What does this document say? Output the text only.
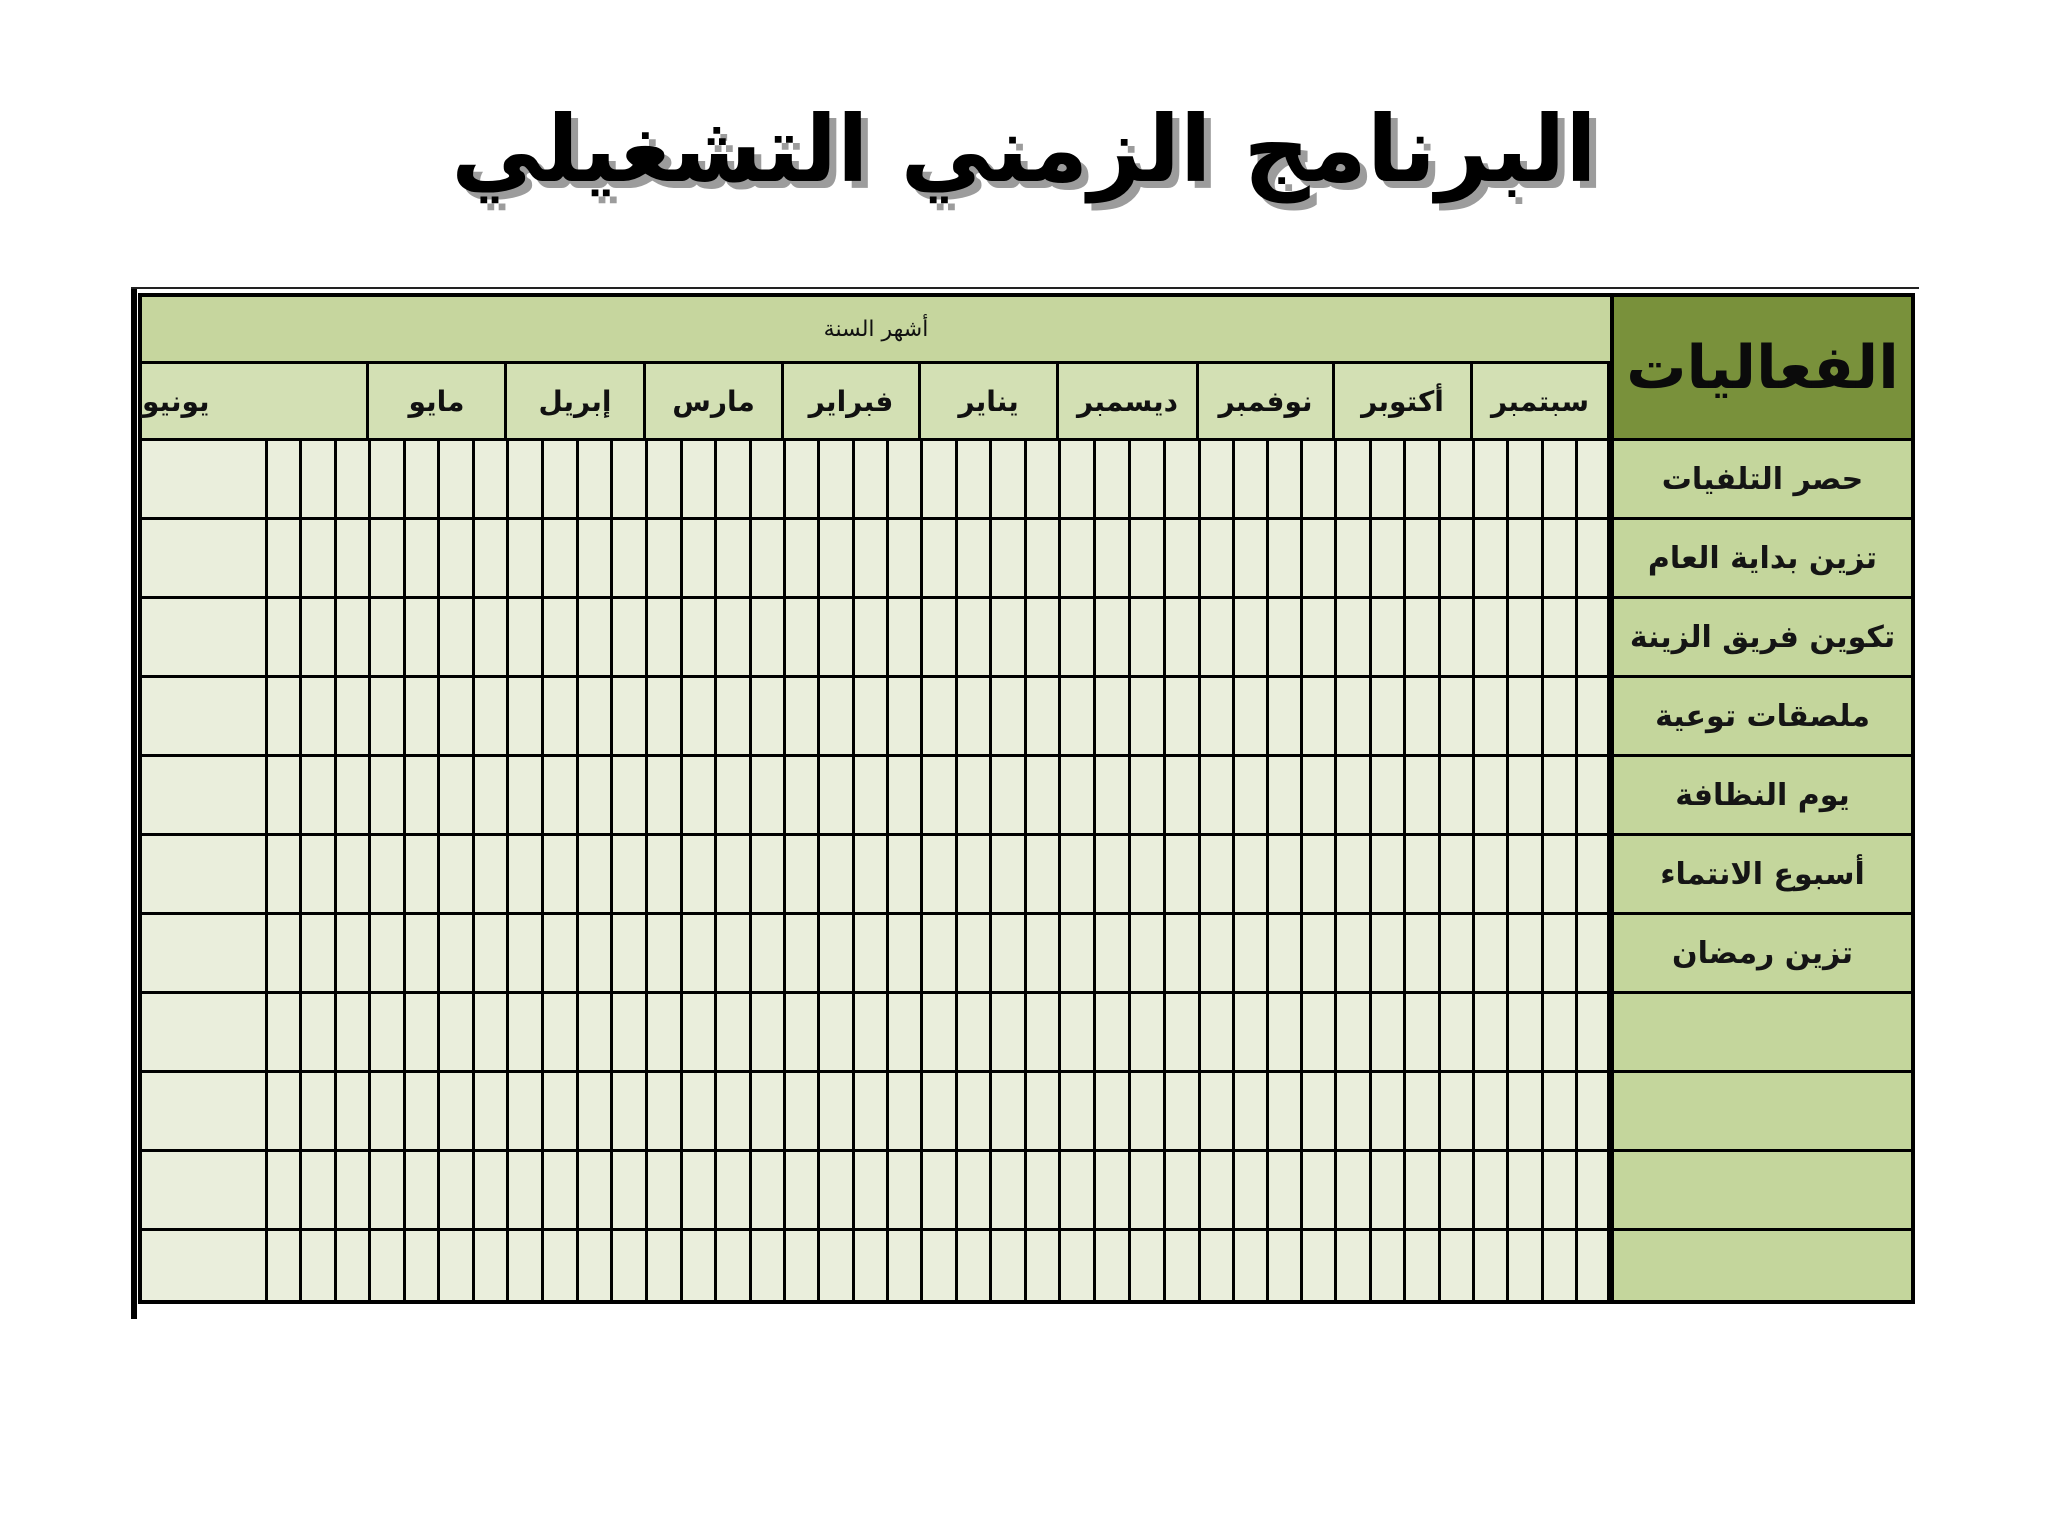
البرنامج الزمني التشغيلي
أشهر السنة
الفعاليات
سبتمبر
أكتوبر
نوفمبر
ديسمبر
يناير
فبراير
مارس
إبريل
مايو
يونيو
حصر التلفيات
تزين بداية العام
تكوين فريق الزينة
ملصقات توعية
يوم النظافة
أسبوع الانتماء
تزين رمضان
